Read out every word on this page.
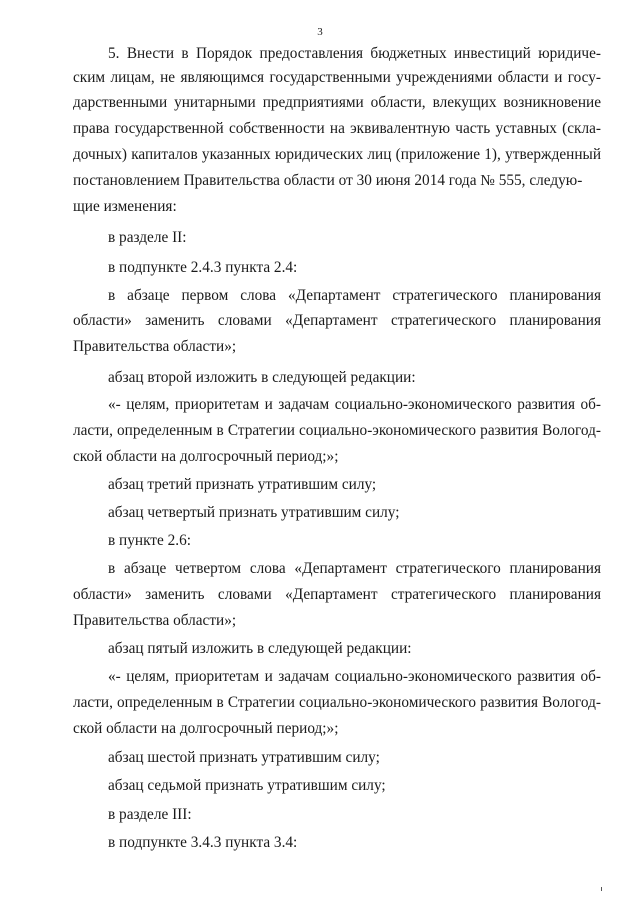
3
5. Внести в Порядок предоставления бюджетных инвестиций юридиче-
ским лицам, не являющимся государственными учреждениями области и госу-
дарственными унитарными предприятиями области, влекущих возникновение
права государственной собственности на эквивалентную часть уставных (скла-
дочных) капиталов указанных юридических лиц (приложение 1), утвержденный
постановлением Правительства области от 30 июня 2014 года № 555, следую-
щие изменения:
в разделе II:
в подпункте 2.4.3 пункта 2.4:
в абзаце первом слова «Департамент стратегического планирования
области» заменить словами «Департамент стратегического планирования
Правительства области»;
абзац второй изложить в следующей редакции:
«- целям, приоритетам и задачам социально-экономического развития об-
ласти, определенным в Стратегии социально-экономического развития Вологод-
ской области на долгосрочный период;»;
абзац третий признать утратившим силу;
абзац четвертый признать утратившим силу;
в пункте 2.6:
в абзаце четвертом слова «Департамент стратегического планирования
области» заменить словами «Департамент стратегического планирования
Правительства области»;
абзац пятый изложить в следующей редакции:
«- целям, приоритетам и задачам социально-экономического развития об-
ласти, определенным в Стратегии социально-экономического развития Вологод-
ской области на долгосрочный период;»;
абзац шестой признать утратившим силу;
абзац седьмой признать утратившим силу;
в разделе III:
в подпункте 3.4.3 пункта 3.4:
